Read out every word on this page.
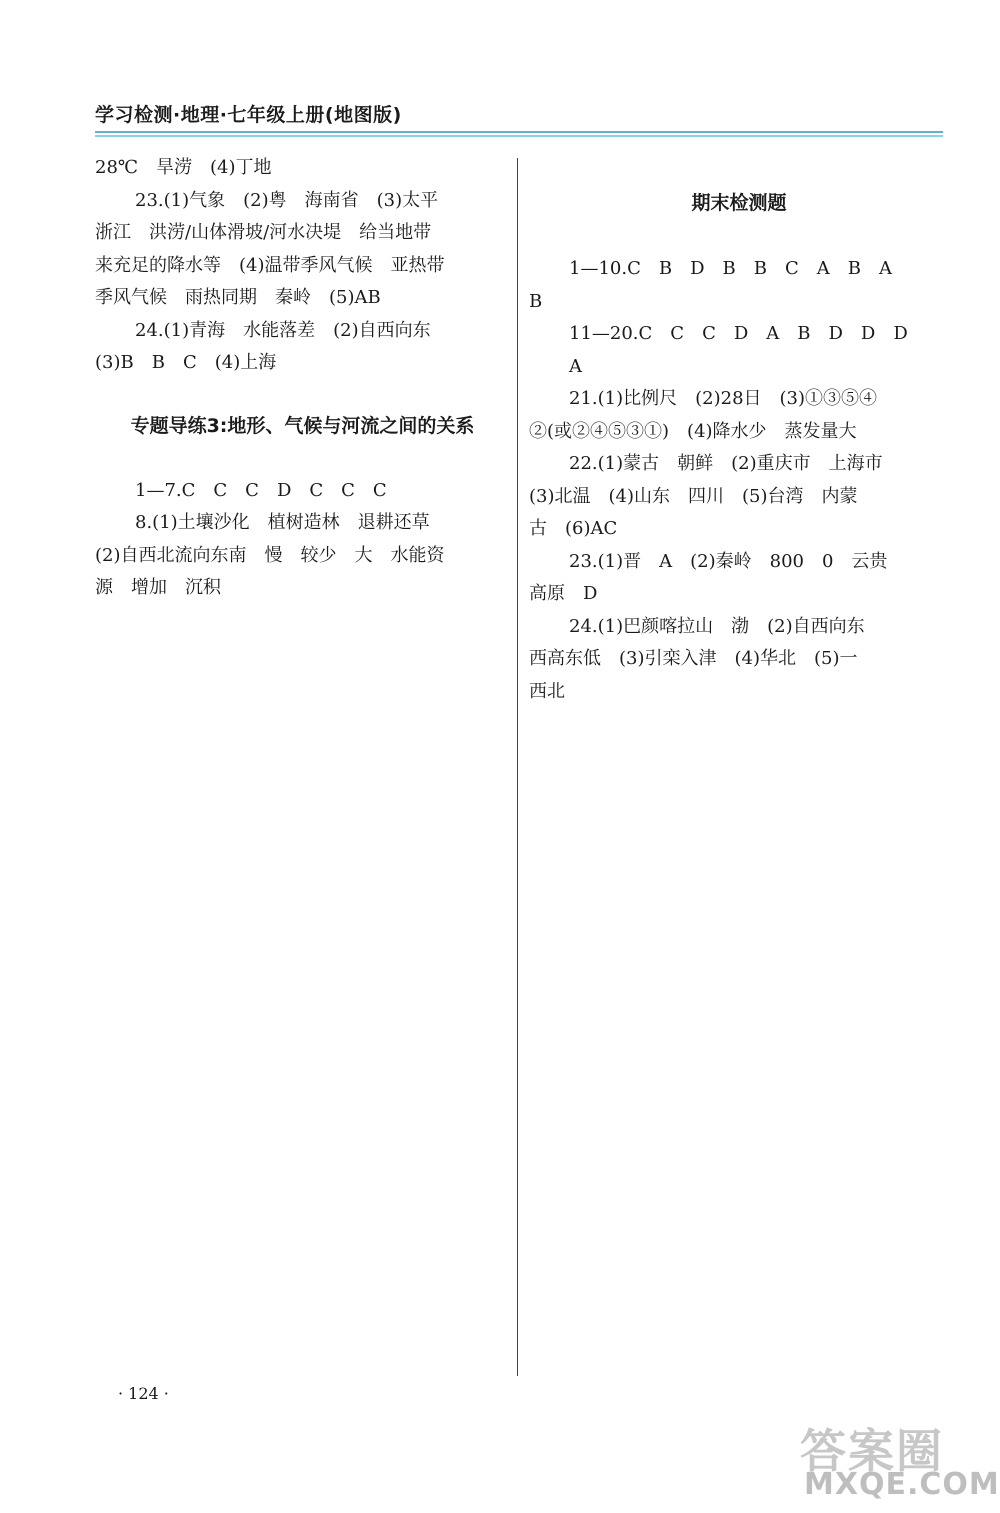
学习检测·地理·七年级上册(地图版)

28℃　旱涝　(4)丁地

23.(1)气象　(2)粤　海南省　(3)太平

浙江　洪涝/山体滑坡/河水决堤　给当地带

来充足的降水等　(4)温带季风气候　亚热带

季风气候　雨热同期　秦岭　(5)AB

24.(1)青海　水能落差　(2)自西向东

(3)B　B　C　(4)上海

专题导练3:地形、气候与河流之间的关系

1—7.C　C　C　D　C　C　C

8.(1)土壤沙化　植树造林　退耕还草

(2)自西北流向东南　慢　较少　大　水能资

源　增加　沉积

期末检测题

1—10.C　B　D　B　B　C　A　B　A

B

11—20.C　C　C　D　A　B　D　D　D

A

21.(1)比例尺　(2)28日　(3)①③⑤④

②(或②④⑤③①)　(4)降水少　蒸发量大

22.(1)蒙古　朝鲜　(2)重庆市　上海市

(3)北温　(4)山东　四川　(5)台湾　内蒙

古　(6)AC

23.(1)晋　A　(2)秦岭　800　0　云贵

高原　D

24.(1)巴颜喀拉山　渤　(2)自西向东

西高东低　(3)引栾入津　(4)华北　(5)一

西北

· 124 ·
答案圈
MXQE.COM
